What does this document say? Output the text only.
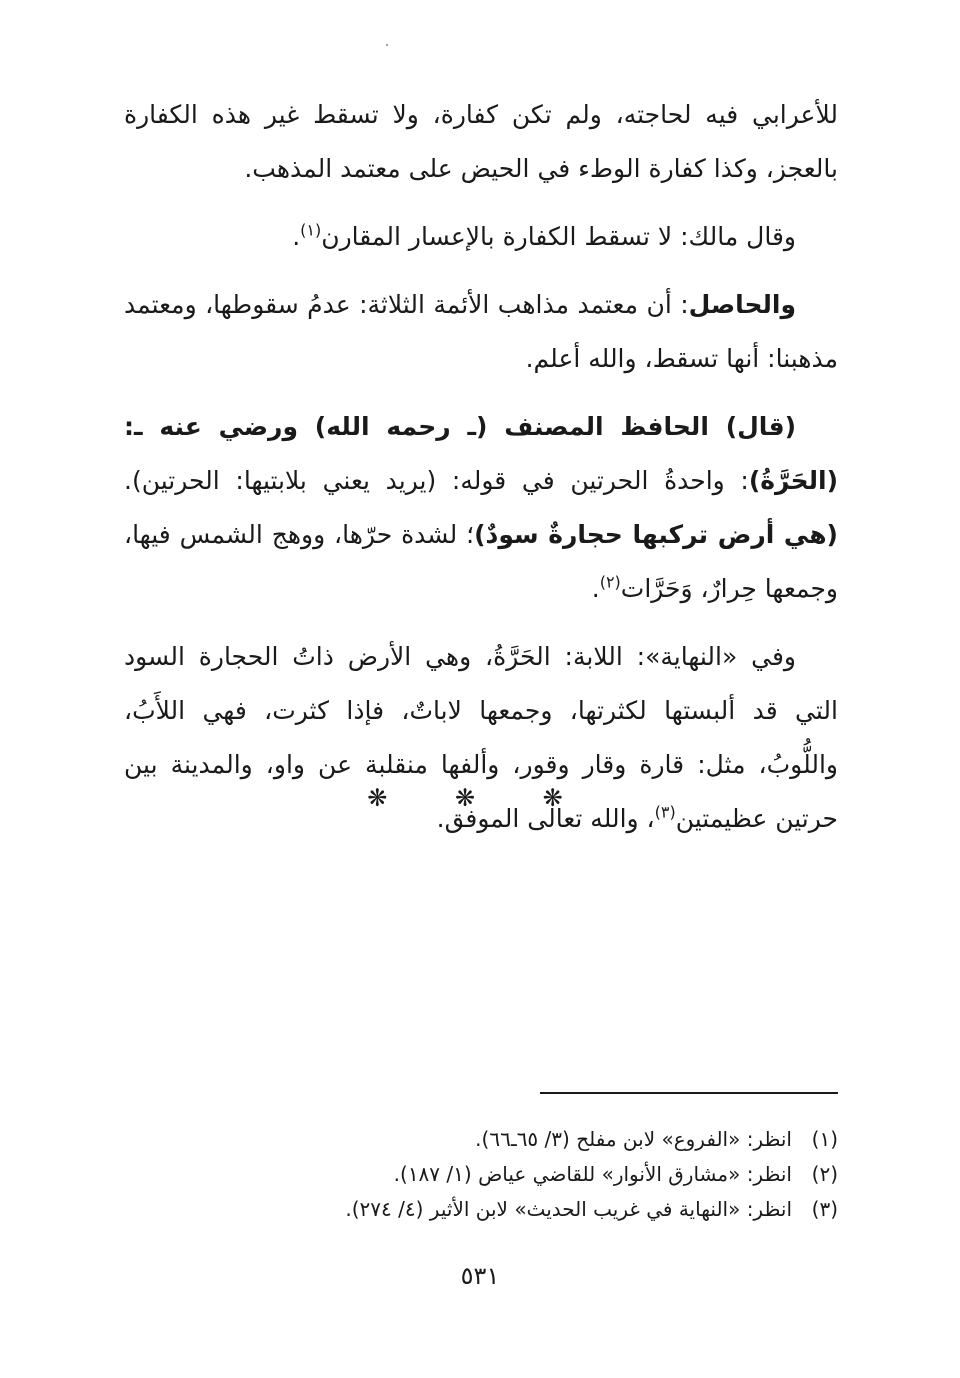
للأعرابي فيه لحاجته، ولم تكن كفارة، ولا تسقط غير هذه الكفارة بالعجز، وكذا كفارة الوطء في الحيض على معتمد المذهب.

وقال مالك: لا تسقط الكفارة بالإعسار المقارن$^{(١)}$.

والحاصل: أن معتمد مذاهب الأئمة الثلاثة: عدمُ سقوطها، ومعتمد مذهبنا: أنها تسقط، والله أعلم.

(قال) الحافظ المصنف (ـ رحمه الله) ورضي عنه ـ: (الحَرَّةُ): واحدةُ الحرتين في قوله: (يريد يعني بلابتيها: الحرتين). (هي أرض تركبها حجارةٌ سودٌ)؛ لشدة حرّها، ووهج الشمس فيها، وجمعها حِرارٌ، وَحَرَّات$^{(٢)}$.

وفي «النهاية»: اللابة: الحَرَّةُ، وهي الأرض ذاتُ الحجارة السود التي قد ألبستها لكثرتها، وجمعها لاباتٌ، فإذا كثرت، فهي اللأَبُ، واللُّوبُ، مثل: قارة وقار وقور، وألفها منقلبة عن واو، والمدينة بين حرتين عظيمتين$^{(٣)}$، والله تعالى الموفق.

❋ ❋ ❋
(١)انظر: «الفروع» لابن مفلح (٣/ ٦٥ـ٦٦).
(٢)انظر: «مشارق الأنوار» للقاضي عياض (١/ ١٨٧).
(٣)انظر: «النهاية في غريب الحديث» لابن الأثير (٤/ ٢٧٤).
٥٣١
